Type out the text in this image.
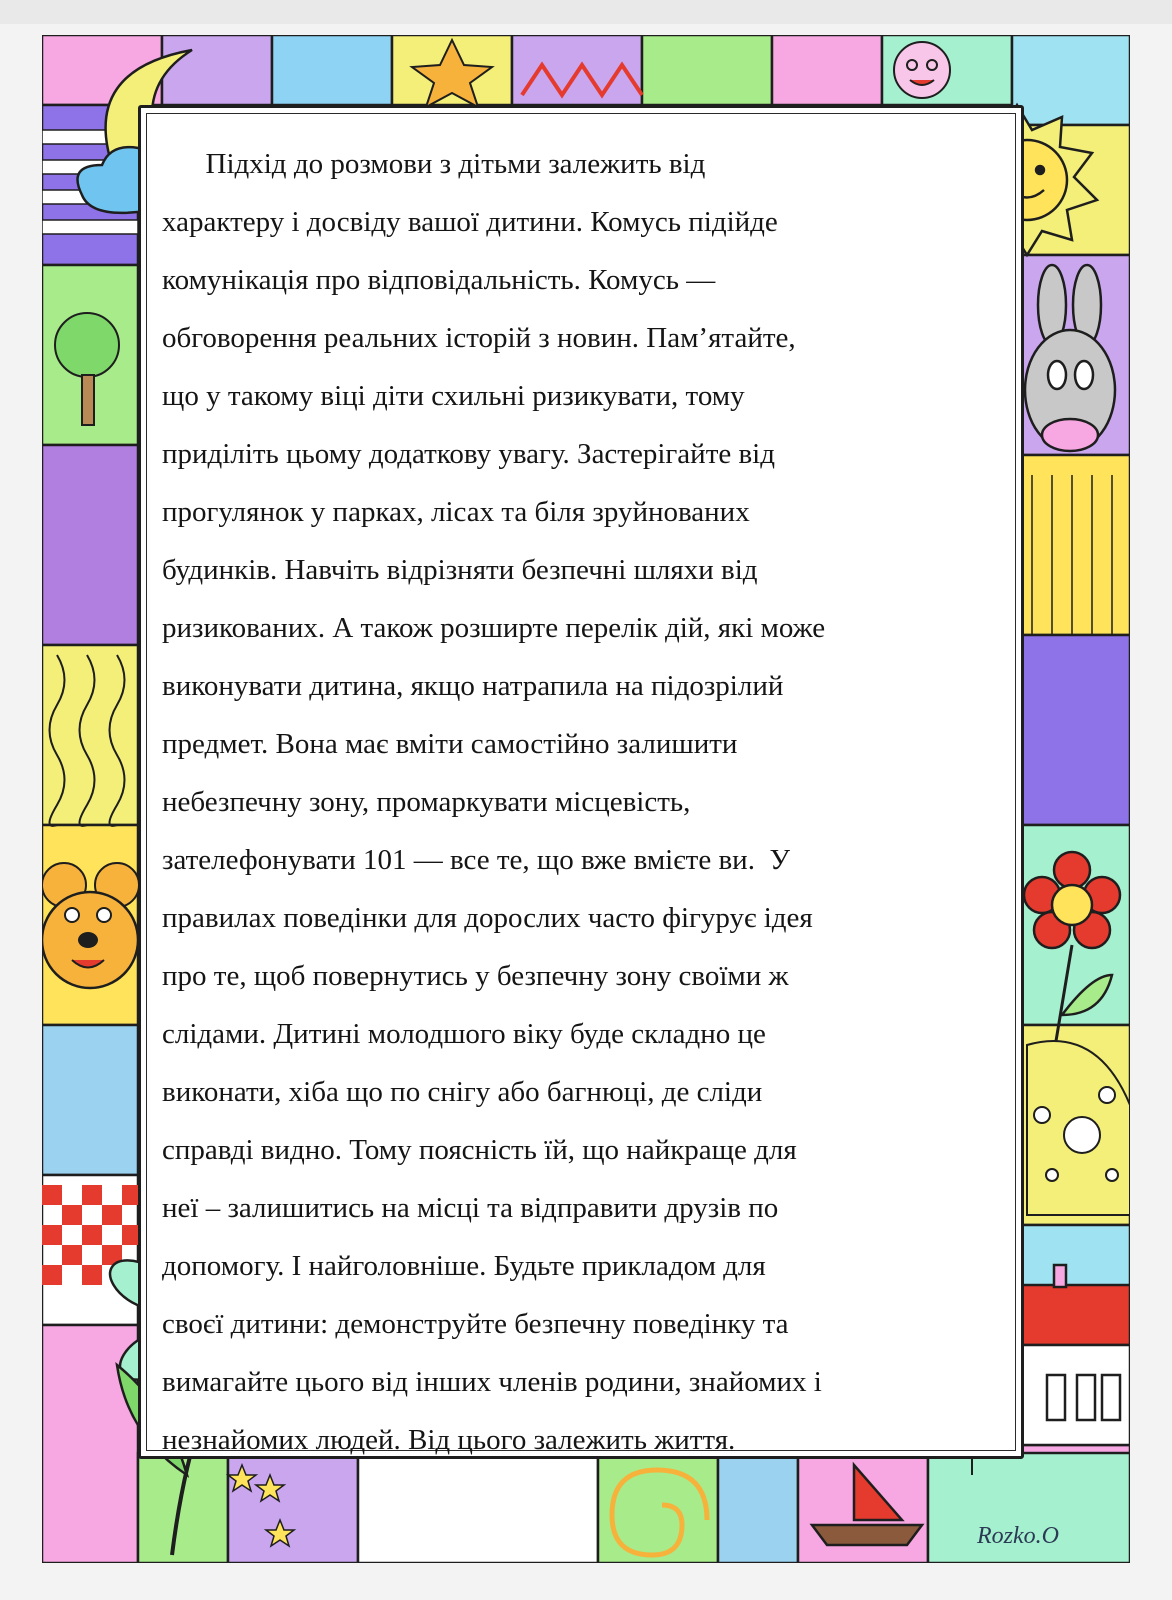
Підхід до розмови з дітьми залежить від
характеру і досвіду вашої дитини. Комусь підійде
комунікація про відповідальність. Комусь —
обговорення реальних історій з новин. Пам’ятайте,
що у такому віці діти схильні ризикувати, тому
приділіть цьому додаткову увагу. Застерігайте від
прогулянок у парках, лісах та біля зруйнованих
будинків. Навчіть відрізняти безпечні шляхи від
ризикованих. А також розширте перелік дій, які може
виконувати дитина, якщо натрапила на підозрілий
предмет. Вона має вміти самостійно залишити
небезпечну зону, промаркувати місцевість,
зателефонувати 101 — все те, що вже вмієте ви.  У
правилах поведінки для дорослих часто фігурує ідея
про те, щоб повернутись у безпечну зону своїми ж
слідами. Дитині молодшого віку буде складно це
виконати, хіба що по снігу або багнюці, де сліди
справді видно. Тому поясність їй, що найкраще для
неї – залишитись на місці та відправити друзів по
допомогу. І найголовніше. Будьте прикладом для
своєї дитини: демонструйте безпечну поведінку та
вимагайте цього від інших членів родини, знайомих і
незнайомих людей. Від цього залежить життя.

Rozko.O
